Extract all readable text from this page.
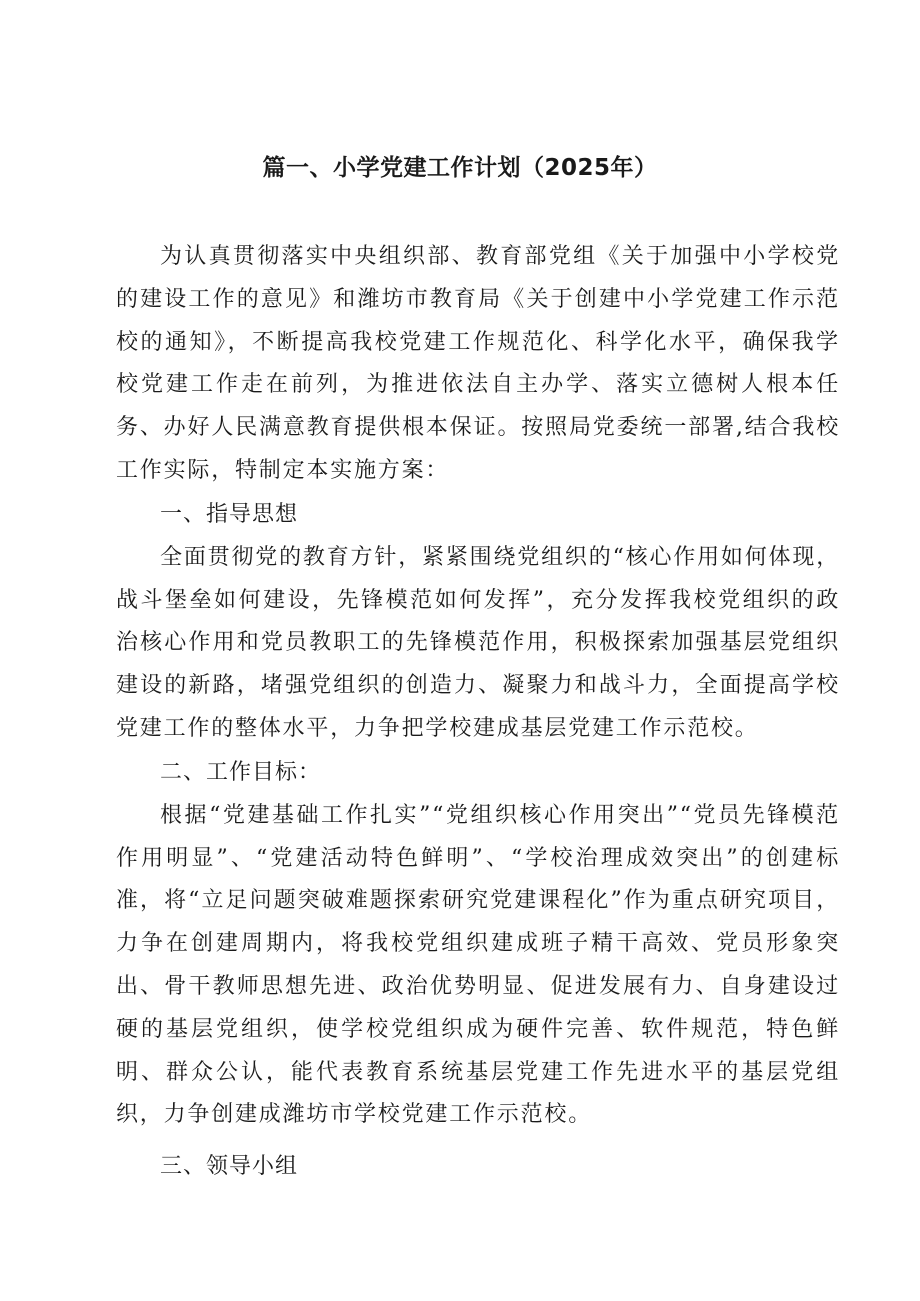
篇一、小学党建工作计划（2025年）

为认真贯彻落实中央组织部、教育部党组《关于加强中小学校党的建设工作的意见》和潍坊市教育局《关于创建中小学党建工作示范校的通知》，不断提高我校党建工作规范化、科学化水平，确保我学校党建工作走在前列，为推进依法自主办学、落实立德树人根本任务、办好人民满意教育提供根本保证。按照局党委统一部署,结合我校工作实际，特制定本实施方案：

一、指导思想

全面贯彻党的教育方针，紧紧围绕党组织的“核心作用如何体现，战斗堡垒如何建设，先锋模范如何发挥”，充分发挥我校党组织的政治核心作用和党员教职工的先锋模范作用，积极探索加强基层党组织建设的新路，堵强党组织的创造力、凝聚力和战斗力，全面提高学校党建工作的整体水平，力争把学校建成基层党建工作示范校。

二、工作目标：

根据“党建基础工作扎实”“党组织核心作用突出”“党员先锋模范作用明显”、“党建活动特色鲜明”、“学校治理成效突出”的创建标准，将“立足问题突破难题探索研究党建课程化”作为重点研究项目，力争在创建周期内，将我校党组织建成班子精干高效、党员形象突出、骨干教师思想先进、政治优势明显、促进发展有力、自身建设过硬的基层党组织，使学校党组织成为硬件完善、软件规范，特色鲜明、群众公认，能代表教育系统基层党建工作先进水平的基层党组织，力争创建成潍坊市学校党建工作示范校。

三、领导小组
